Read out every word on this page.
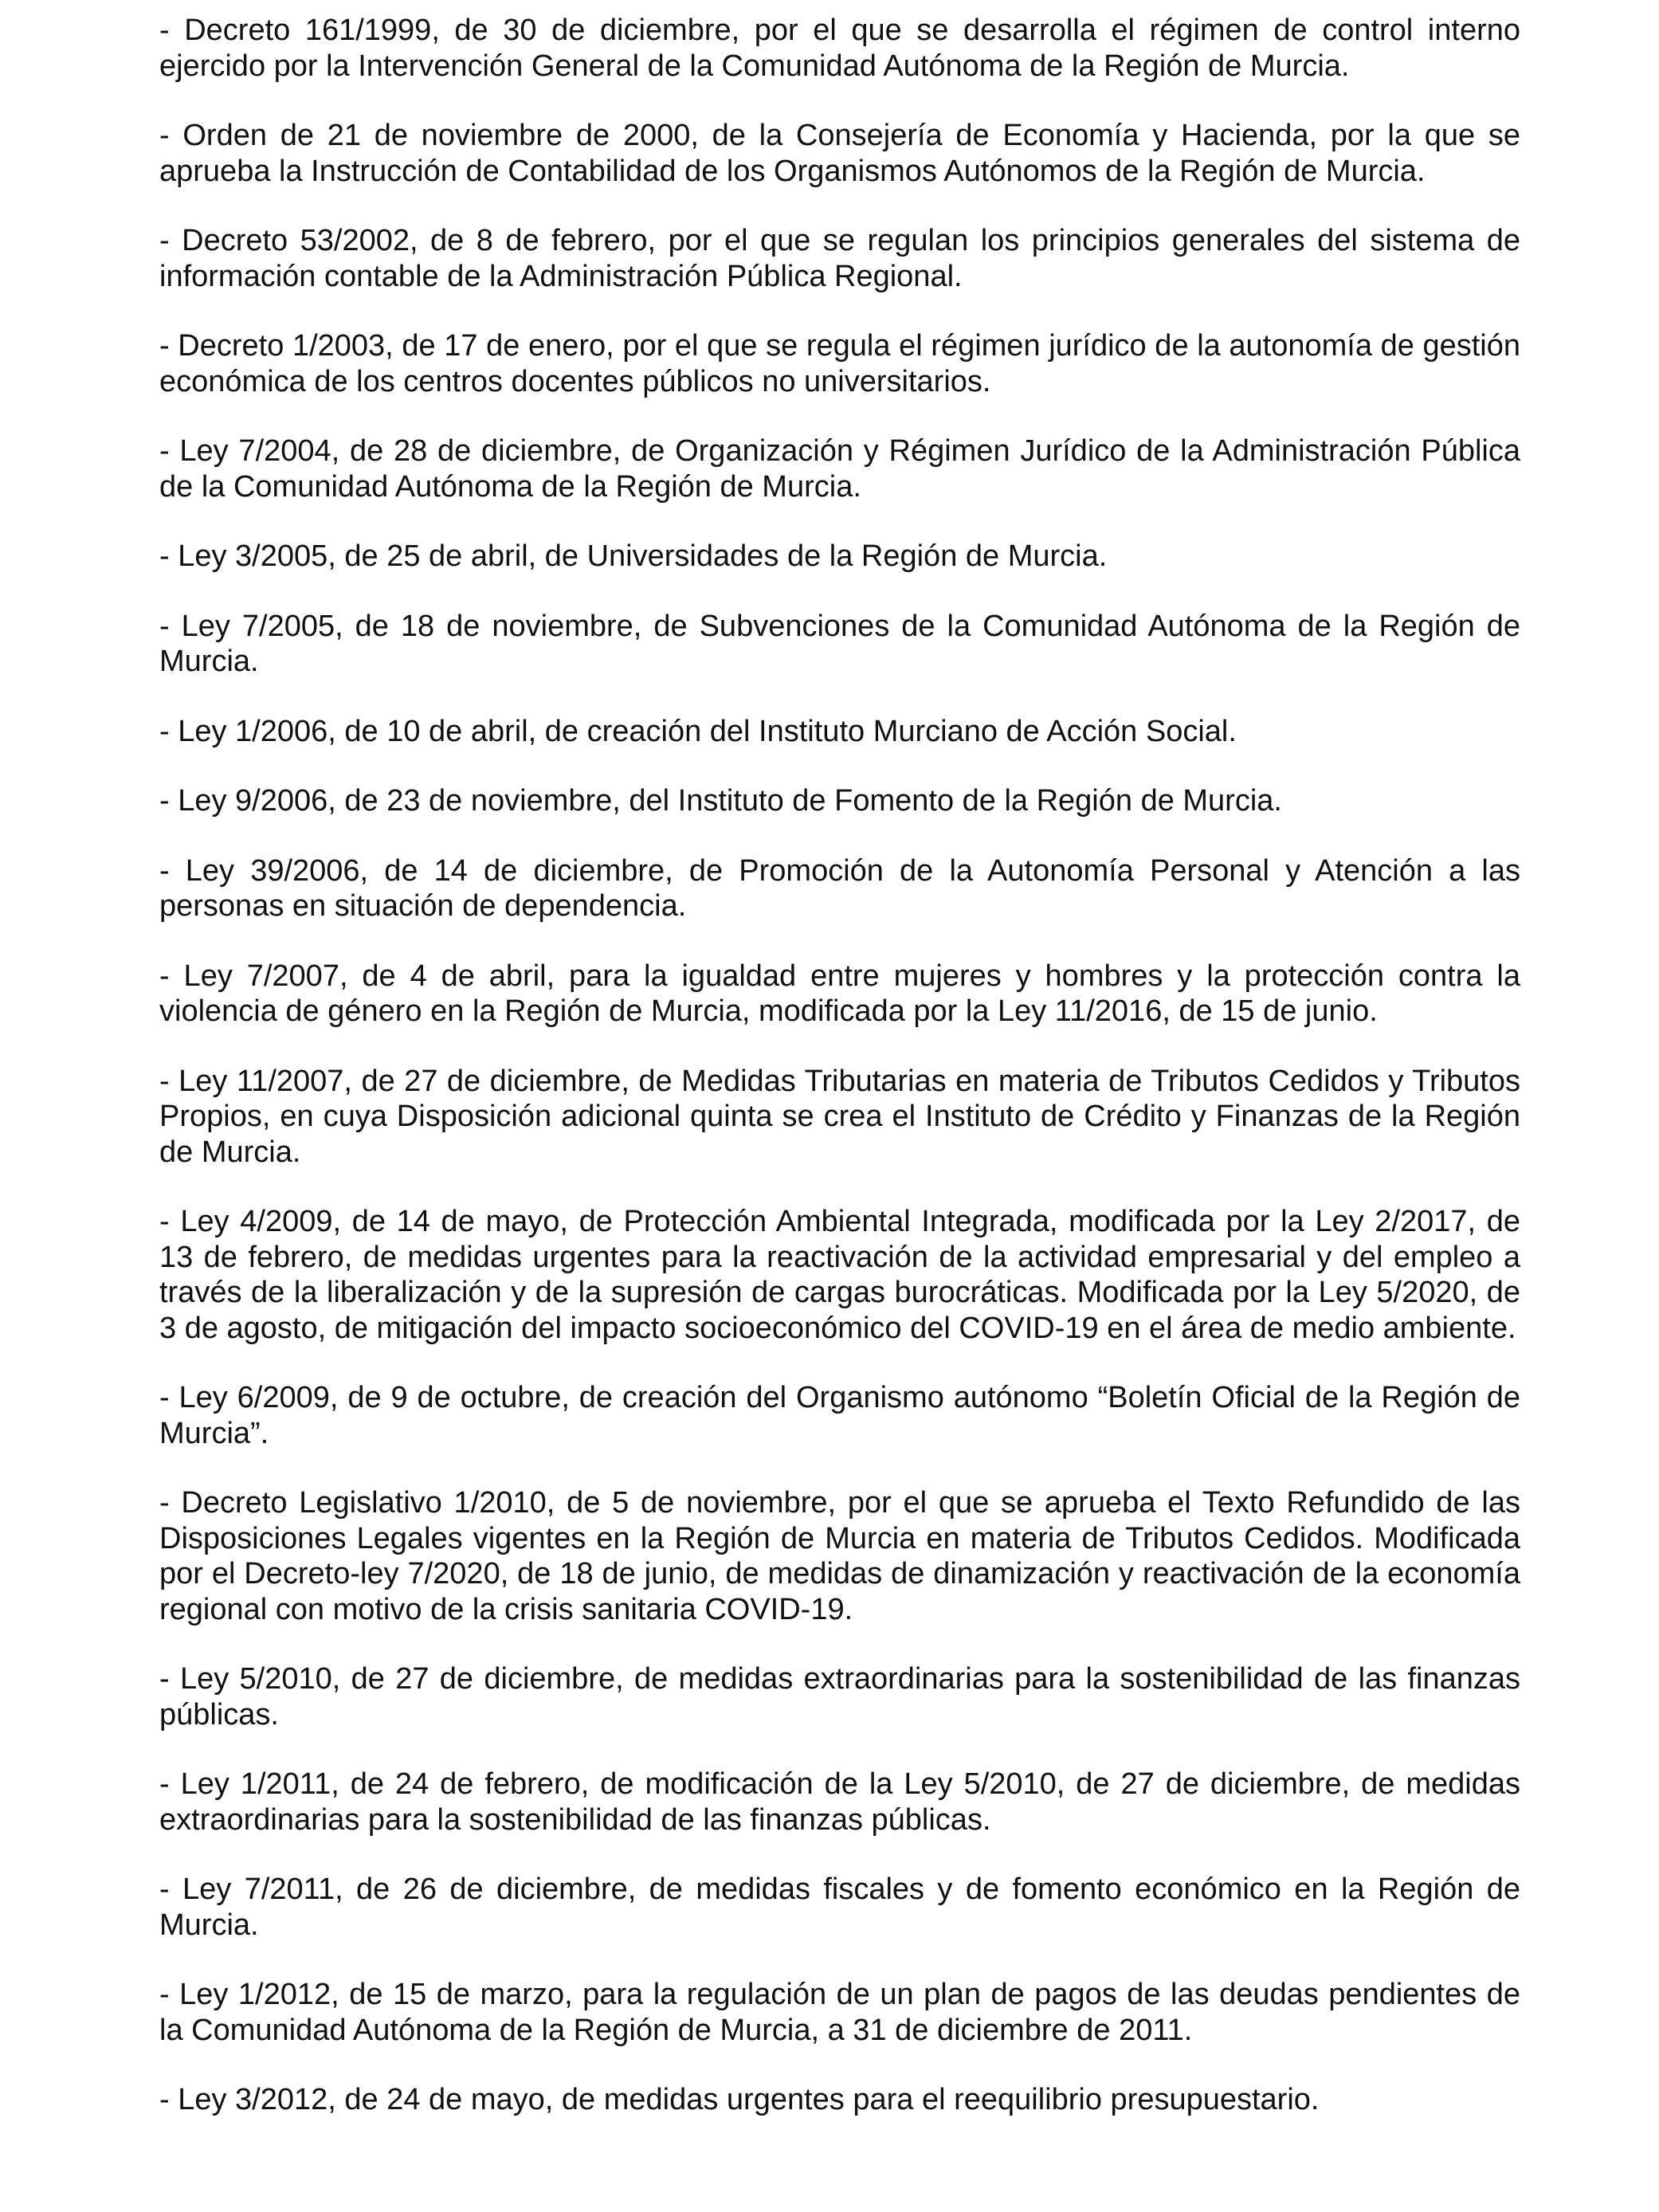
- Decreto 161/1999, de 30 de diciembre, por el que se desarrolla el régimen de control interno ejercido por la Intervención General de la Comunidad Autónoma de la Región de Murcia.

- Orden de 21 de noviembre de 2000, de la Consejería de Economía y Hacienda, por la que se aprueba la Instrucción de Contabilidad de los Organismos Autónomos de la Región de Murcia.

- Decreto 53/2002, de 8 de febrero, por el que se regulan los principios generales del sistema de información contable de la Administración Pública Regional.

- Decreto 1/2003, de 17 de enero, por el que se regula el régimen jurídico de la autonomía de gestión económica de los centros docentes públicos no universitarios.

- Ley 7/2004, de 28 de diciembre, de Organización y Régimen Jurídico de la Administración Pública de la Comunidad Autónoma de la Región de Murcia.

- Ley 3/2005, de 25 de abril, de Universidades de la Región de Murcia.

- Ley 7/2005, de 18 de noviembre, de Subvenciones de la Comunidad Autónoma de la Región de Murcia.

- Ley 1/2006, de 10 de abril, de creación del Instituto Murciano de Acción Social.

- Ley 9/2006, de 23 de noviembre, del Instituto de Fomento de la Región de Murcia.

- Ley 39/2006, de 14 de diciembre, de Promoción de la Autonomía Personal y Atención a las personas en situación de dependencia.

- Ley 7/2007, de 4 de abril, para la igualdad entre mujeres y hombres y la protección contra la violencia de género en la Región de Murcia, modificada por la Ley 11/2016, de 15 de junio.

- Ley 11/2007, de 27 de diciembre, de Medidas Tributarias en materia de Tributos Cedidos y Tributos Propios, en cuya Disposición adicional quinta se crea el Instituto de Crédito y Finanzas de la Región de Murcia.

- Ley 4/2009, de 14 de mayo, de Protección Ambiental Integrada, modificada por la Ley 2/2017, de 13 de febrero, de medidas urgentes para la reactivación de la actividad empresarial y del empleo a través de la liberalización y de la supresión de cargas burocráticas. Modificada por la Ley 5/2020, de 3 de agosto, de mitigación del impacto socioeconómico del COVID-19 en el área de medio ambiente.

- Ley 6/2009, de 9 de octubre, de creación del Organismo autónomo “Boletín Oficial de la Región de Murcia”.

- Decreto Legislativo 1/2010, de 5 de noviembre, por el que se aprueba el Texto Refundido de las Disposiciones Legales vigentes en la Región de Murcia en materia de Tributos Cedidos. Modificada por el Decreto-ley 7/2020, de 18 de junio, de medidas de dinamización y reactivación de la economía regional con motivo de la crisis sanitaria COVID-19.

- Ley 5/2010, de 27 de diciembre, de medidas extraordinarias para la sostenibilidad de las finanzas públicas.

- Ley 1/2011, de 24 de febrero, de modificación de la Ley 5/2010, de 27 de diciembre, de medidas extraordinarias para la sostenibilidad de las finanzas públicas.

- Ley 7/2011, de 26 de diciembre, de medidas fiscales y de fomento económico en la Región de Murcia.

- Ley 1/2012, de 15 de marzo, para la regulación de un plan de pagos de las deudas pendientes de la Comunidad Autónoma de la Región de Murcia, a 31 de diciembre de 2011.

- Ley 3/2012, de 24 de mayo, de medidas urgentes para el reequilibrio presupuestario.
